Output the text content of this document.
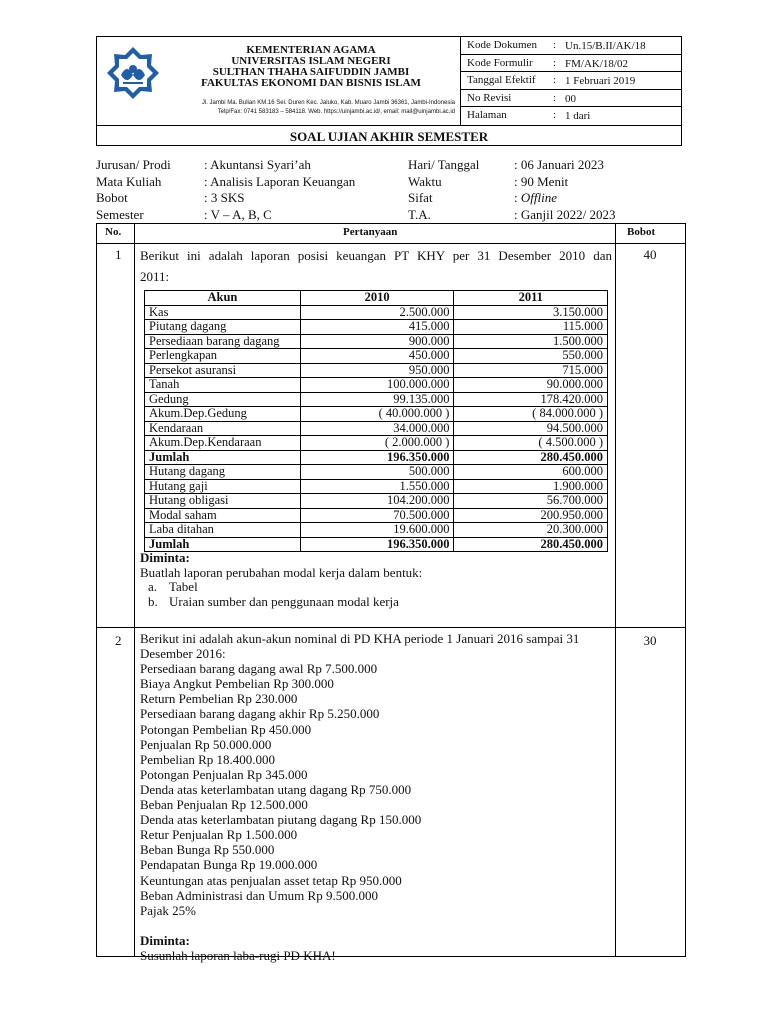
KEMENTERIAN AGAMA
UNIVERSITAS ISLAM NEGERI
SULTHAN THAHA SAIFUDDIN JAMBI
FAKULTAS EKONOMI DAN BISNIS ISLAM
Jl. Jambi Ma. Bulian KM.16 Sei. Duren Kec. Jaluko, Kab. Muaro Jambi 36361, Jambi-Indonesia
Telp/Fax: 0741 583183 – 584118. Web. https://uinjambi.ac.id/, email: mail@uinjambi.ac.id
Kode Dokumen : Un.15/B.II/AK/18
Kode Formulir : FM/AK/18/02
Tanggal Efektif : 1 Februari 2019
No Revisi	: 00
Halaman	: 1 dari
SOAL UJIAN AKHIR SEMESTER
Jurusan/ Prodi	: Akuntansi Syari’ah	Hari/ Tanggal	: 06 Januari 2023
Mata Kuliah	: Analisis Laporan Keuangan	Waktu	: 90 Menit
Bobot	: 3 SKS	Sifat	: Offline
Semester	: V – A, B, C	T.A.	: Ganjil 2022/ 2023
No.	Pertanyaan	Bobot
1	40
Berikut ini adalah laporan posisi keuangan PT KHY per 31 Desember 2010 dan
2011:
Akun	2010	2011
Kas	2.500.000	3.150.000
Piutang dagang	415.000	115.000
Persediaan barang dagang	900.000	1.500.000
Perlengkapan	450.000	550.000
Persekot asuransi	950.000	715.000
Tanah	100.000.000	90.000.000
Gedung	99.135.000	178.420.000
Akum.Dep.Gedung	( 40.000.000 )	( 84.000.000 )
Kendaraan	34.000.000	94.500.000
Akum.Dep.Kendaraan	( 2.000.000 )	( 4.500.000 )
Jumlah	196.350.000	280.450.000
Hutang dagang	500.000	600.000
Hutang gaji	1.550.000	1.900.000
Hutang obligasi	104.200.000	56.700.000
Modal saham	70.500.000	200.950.000
Laba ditahan	19.600.000	20.300.000
Jumlah	196.350.000	280.450.000
Diminta:
Buatlah laporan perubahan modal kerja dalam bentuk:
a. Tabel
b. Uraian sumber dan penggunaan modal kerja
2	30
Berikut ini adalah akun-akun nominal di PD KHA periode 1 Januari 2016 sampai 31
Desember 2016:
Persediaan barang dagang awal Rp 7.500.000
Biaya Angkut Pembelian Rp 300.000
Return Pembelian Rp 230.000
Persediaan barang dagang akhir Rp 5.250.000
Potongan Pembelian Rp 450.000
Penjualan Rp 50.000.000
Pembelian Rp 18.400.000
Potongan Penjualan Rp 345.000
Denda atas keterlambatan utang dagang Rp 750.000
Beban Penjualan Rp 12.500.000
Denda atas keterlambatan piutang dagang Rp 150.000
Retur Penjualan Rp 1.500.000
Beban Bunga Rp 550.000
Pendapatan Bunga Rp 19.000.000
Keuntungan atas penjualan asset tetap Rp 950.000
Beban Administrasi dan Umum Rp 9.500.000
Pajak 25%
Diminta:
Susunlah laporan laba-rugi PD KHA!
